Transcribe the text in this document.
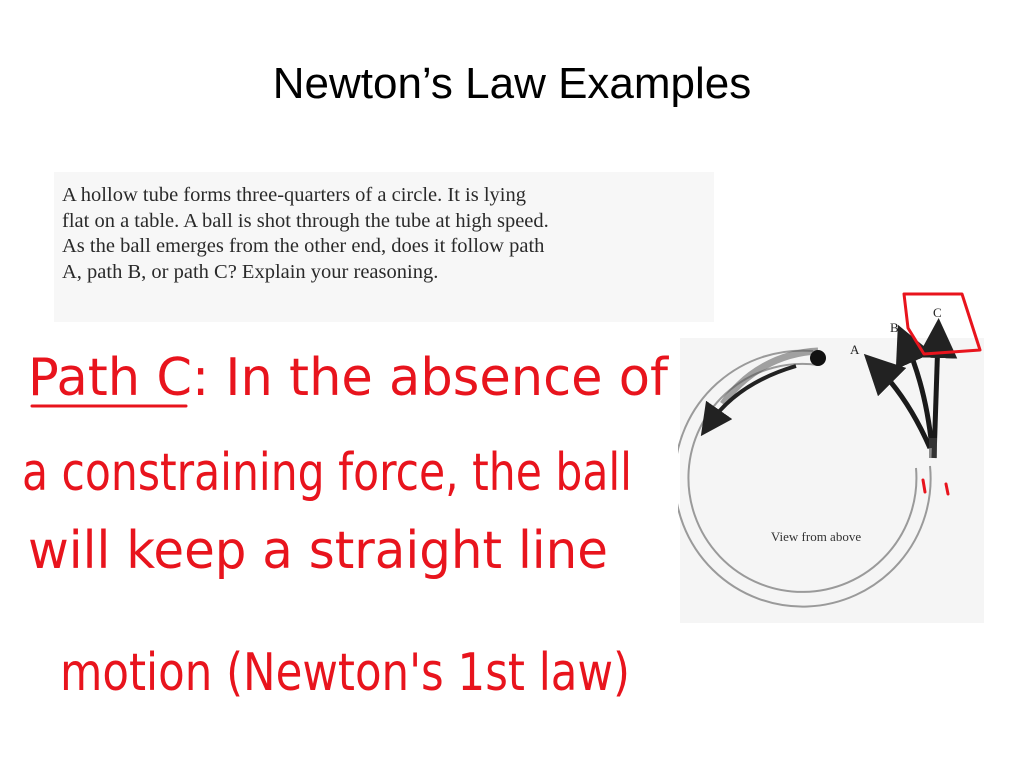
Newton’s Law Examples
A hollow tube forms three-quarters of a circle. It is lying
flat on a table. A ball is shot through the tube at high speed.
As the ball emerges from the other end, does it follow path
A, path B, or path C? Explain your reasoning.
A
B
C
View from above
Path C: In the absence of
a constraining force, the ball
will keep a straight line
motion (Newton's 1st law)
